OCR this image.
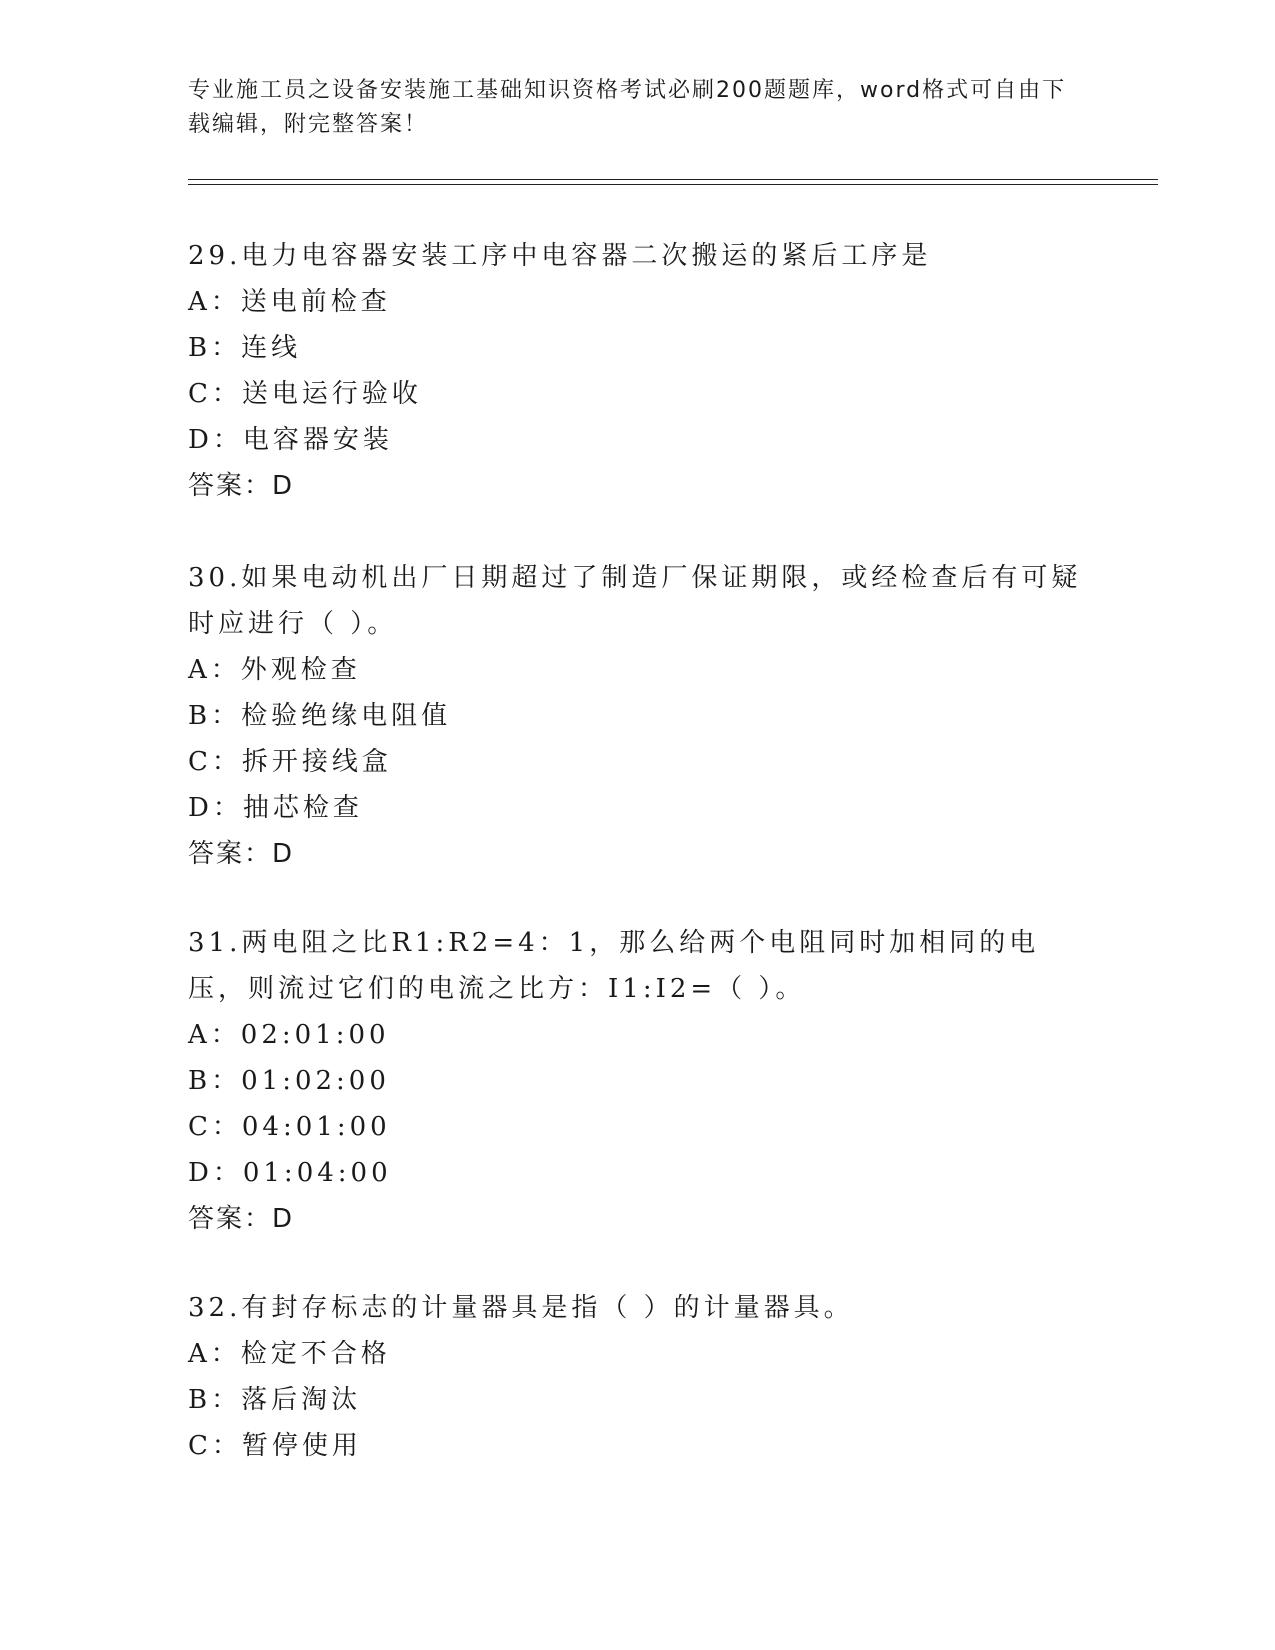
专业施工员之设备安装施工基础知识资格考试必刷200题题库，word格式可自由下载编辑，附完整答案！

29.电力电容器安装工序中电容器二次搬运的紧后工序是

A：送电前检查
B：连线
C：送电运行验收
D：电容器安装
答案：D

30.如果电动机出厂日期超过了制造厂保证期限，或经检查后有可疑时应进行（ ）。

A：外观检查
B：检验绝缘电阻值
C：拆开接线盒
D：抽芯检查
答案：D

31.两电阻之比R1:R2=4：1，那么给两个电阻同时加相同的电压，则流过它们的电流之比方：I1:I2=（ ）。

A：02:01:00
B：01:02:00
C：04:01:00
D：01:04:00
答案：D

32.有封存标志的计量器具是指（ ）的计量器具。

A：检定不合格
B：落后淘汰
C：暂停使用
